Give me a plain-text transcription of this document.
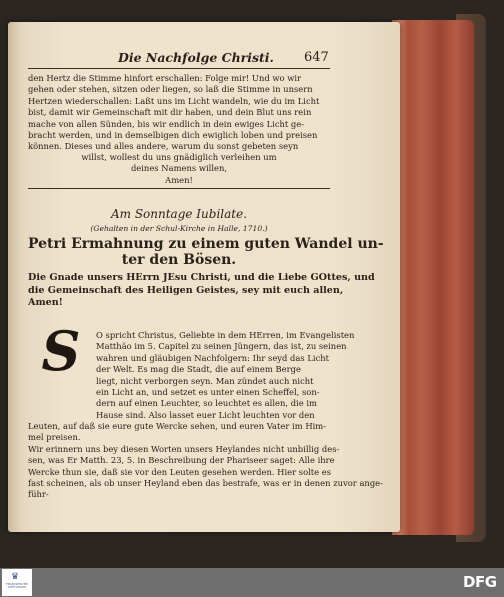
Die Nachfolge Christi.	647
den Hertz die Stimme hinfort erschallen: Folge mir! Und wo wir
gehen oder stehen, sitzen oder liegen, so laß die Stimme in unsern
Hertzen wiederschallen: Laßt uns im Licht wandeln, wie du im Licht
bist, damit wir Gemeinschaft mit dir haben, und dein Blut uns rein
mache von allen Sünden, bis wir endlich in dein ewiges Licht ge-
bracht werden, und in demselbigen dich ewiglich loben und preisen
können. Dieses und alles andere, warum du sonst gebeten seyn
willst, wollest du uns gnädiglich verleihen um
deines Namens willen,
Amen!
Am Sonntage Iubilate.
(Gehalten in der Schul-Kirche in Halle, 1710.)
Petri Ermahnung zu einem guten Wandel un-
ter den Bösen.
Die Gnade unsers HErrn JEsu Christi, und die Liebe GOttes, und
die Gemeinschaft des Heiligen Geistes, sey mit euch allen,
Amen!
S	O spricht Christus, Geliebte in dem HErren, im Evangelisten
Matthäo im 5. Capitel zu seinen Jüngern, das ist, zu seinen
wahren und gläubigen Nachfolgern: Ihr seyd das Licht
der Welt. Es mag die Stadt, die auf einem Berge
liegt, nicht verborgen seyn. Man zündet auch nicht
ein Licht an, und setzet es unter einen Scheffel, son-
dern auf einen Leuchter, so leuchtet es allen, die im
Hause sind. Also lasset euer Licht leuchten vor den
Leuten, auf daß sie eure gute Wercke sehen, und euren Vater im Him-
mel preisen.
Wir erinnern uns bey diesen Worten unsers Heylandes nicht unbillig des-
sen, was Er Matth. 23, 5. in Beschreibung der Phariseer saget: Alle ihre
Wercke thun sie, daß sie vor den Leuten gesehen werden. Hier solte es
fast scheinen, als ob unser Heyland eben das bestrafe, was er in denen zuvor ange-
führ-
♛
FRANCKESCHE STIFTUNGEN	DFG
